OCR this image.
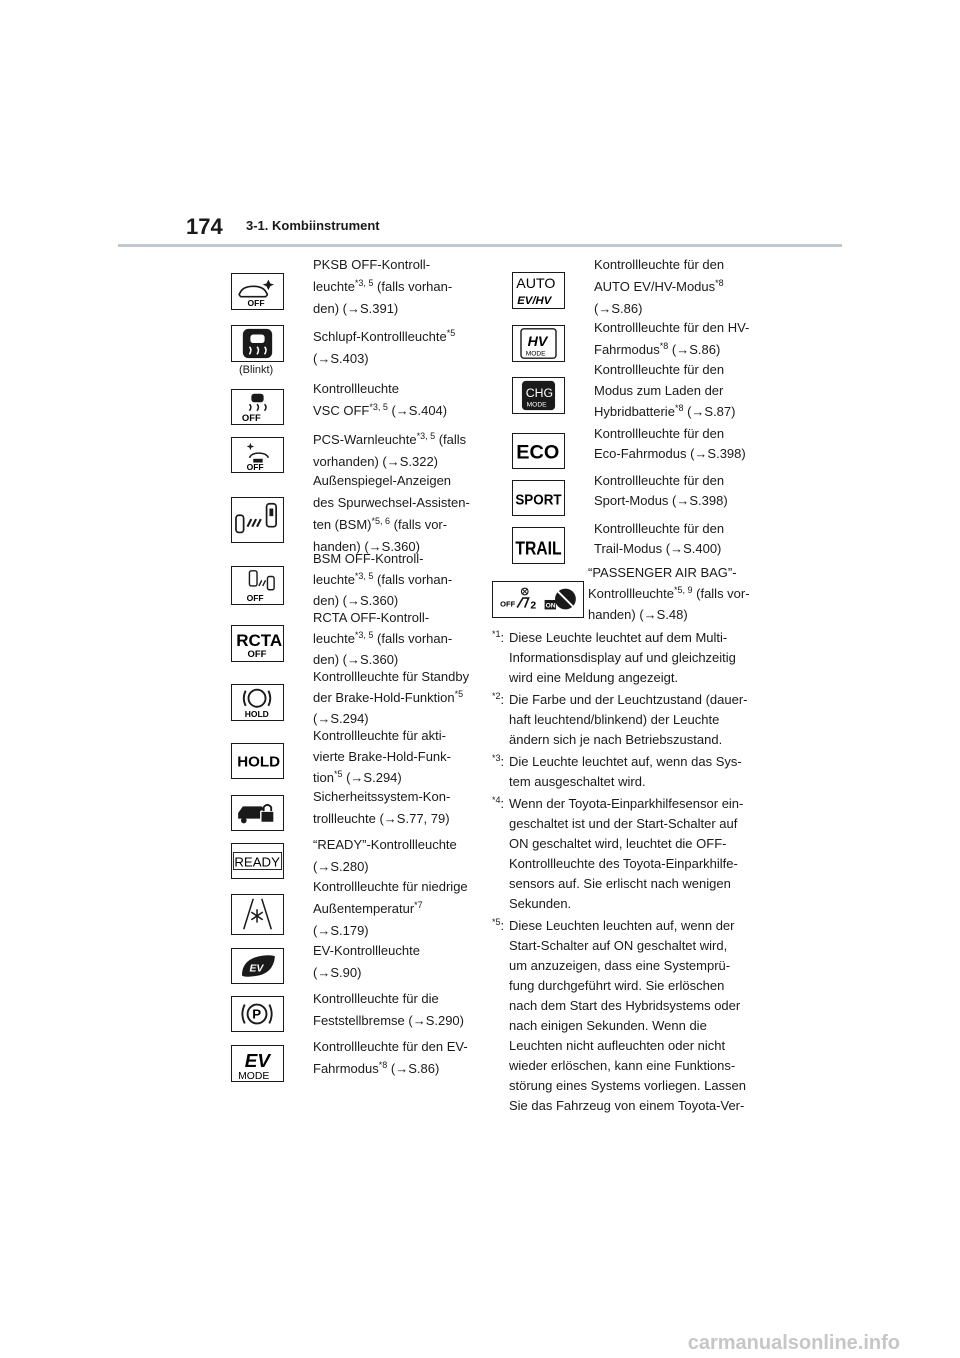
174 3-1. Kombiinstrument
OFF
(Blinkt)
OFF
OFF
OFF
RCTA
OFF
HOLD
HOLD
READY
EV
P
EV
MODE
AUTO
EV/HV
HV
MODE
CHG
MODE
ECO
SPORT
TRAIL
OFF 2 ON
PKSB OFF-Kontroll-
leuchte$^{*3, 5}$ (falls vorhan-
den) (→S.391)
Schlupf-Kontrollleuchte$^{*5}$
(→S.403)
Kontrollleuchte
VSC OFF$^{*3, 5}$ (→S.404)
PCS-Warnleuchte$^{*3, 5}$ (falls
vorhanden) (→S.322)
Außenspiegel-Anzeigen
des Spurwechsel-Assisten-
ten (BSM)$^{*5, 6}$ (falls vor-
handen) (→S.360)
BSM OFF-Kontroll-
leuchte$^{*3, 5}$ (falls vorhan-
den) (→S.360)
RCTA OFF-Kontroll-
leuchte$^{*3, 5}$ (falls vorhan-
den) (→S.360)
Kontrollleuchte für Standby
der Brake-Hold-Funktion$^{*5}$
(→S.294)
Kontrollleuchte für akti-
vierte Brake-Hold-Funk-
tion$^{*5}$ (→S.294)
Sicherheitssystem-Kon-
trollleuchte (→S.77, 79)
“READY”-Kontrollleuchte
(→S.280)
Kontrollleuchte für niedrige
Außentemperatur$^{*7}$
(→S.179)
EV-Kontrollleuchte
(→S.90)
Kontrollleuchte für die
Feststellbremse (→S.290)
Kontrollleuchte für den EV-
Fahrmodus$^{*8}$ (→S.86)
Kontrollleuchte für den
AUTO EV/HV-Modus$^{*8}$
(→S.86)
Kontrollleuchte für den HV-
Fahrmodus$^{*8}$ (→S.86)
Kontrollleuchte für den
Modus zum Laden der
Hybridbatterie$^{*8}$ (→S.87)
Kontrollleuchte für den
Eco-Fahrmodus (→S.398)
Kontrollleuchte für den
Sport-Modus (→S.398)
Kontrollleuchte für den
Trail-Modus (→S.400)
“PASSENGER AIR BAG”-
Kontrollleuchte$^{*5, 9}$ (falls vor-
handen) (→S.48)
$^{*1}$: Diese Leuchte leuchtet auf dem Multi-
Informationsdisplay auf und gleichzeitig
wird eine Meldung angezeigt.
$^{*2}$: Die Farbe und der Leuchtzustand (dauer-
haft leuchtend/blinkend) der Leuchte
ändern sich je nach Betriebszustand.
$^{*3}$: Die Leuchte leuchtet auf, wenn das Sys-
tem ausgeschaltet wird.
$^{*4}$: Wenn der Toyota-Einparkhilfesensor ein-
geschaltet ist und der Start-Schalter auf
ON geschaltet wird, leuchtet die OFF-
Kontrollleuchte des Toyota-Einparkhilfe-
sensors auf. Sie erlischt nach wenigen
Sekunden.
$^{*5}$: Diese Leuchten leuchten auf, wenn der
Start-Schalter auf ON geschaltet wird,
um anzuzeigen, dass eine Systemprü-
fung durchgeführt wird. Sie erlöschen
nach dem Start des Hybridsystems oder
nach einigen Sekunden. Wenn die
Leuchten nicht aufleuchten oder nicht
wieder erlöschen, kann eine Funktions-
störung eines Systems vorliegen. Lassen
Sie das Fahrzeug von einem Toyota-Ver-
carmanualsonline.info
